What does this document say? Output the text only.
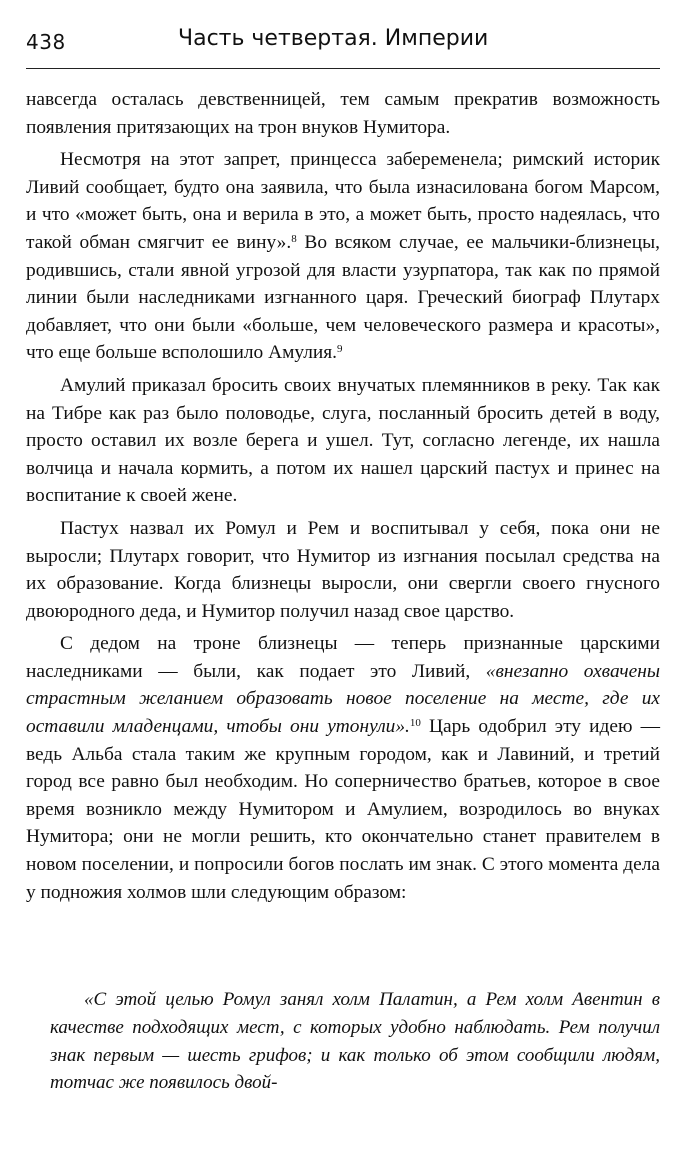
438	Часть четвертая. Империи

навсегда осталась девственницей, тем самым прекратив возможность появления притязающих на трон внуков Нумитора.

Несмотря на этот запрет, принцесса забеременела; римский историк Ливий сообщает, будто она заявила, что была изнасилована богом Марсом, и что «может быть, она и верила в это, а может быть, просто надеялась, что такой обман смягчит ее вину».$^8$ Во всяком случае, ее мальчики-близнецы, родившись, стали явной угрозой для власти узурпатора, так как по прямой линии были наследниками изгнанного царя. Греческий биограф Плутарх добавляет, что они были «больше, чем человеческого размера и красоты», что еще больше всполошило Амулия.$^9$

Амулий приказал бросить своих внучатых племянников в реку. Так как на Тибре как раз было половодье, слуга, посланный бросить детей в воду, просто оставил их возле берега и ушел. Тут, согласно легенде, их нашла волчица и начала кормить, а потом их нашел царский пастух и принес на воспитание к своей жене.

Пастух назвал их Ромул и Рем и воспитывал у себя, пока они не выросли; Плутарх говорит, что Нумитор из изгнания посылал средства на их образование. Когда близнецы выросли, они свергли своего гнусного двоюродного деда, и Нумитор получил назад свое царство.

С дедом на троне близнецы — теперь признанные царскими наследниками — были, как подает это Ливий, «внезапно охвачены страстным желанием образовать новое поселение на месте, где их оставили младенцами, чтобы они утонули».$^{10}$ Царь одобрил эту идею — ведь Альба стала таким же крупным городом, как и Лавиний, и третий город все равно был необходим. Но соперничество братьев, которое в свое время возникло между Нумитором и Амулием, возродилось во внуках Нумитора; они не могли решить, кто окончательно станет правителем в новом поселении, и попросили богов послать им знак. С этого момента дела у подножия холмов шли следующим образом:

«С этой целью Ромул занял холм Палатин, а Рем холм Авентин в качестве подходящих мест, с которых удобно наблюдать. Рем получил знак первым — шесть грифов; и как только об этом сообщили людям, тотчас же появилось двой-
